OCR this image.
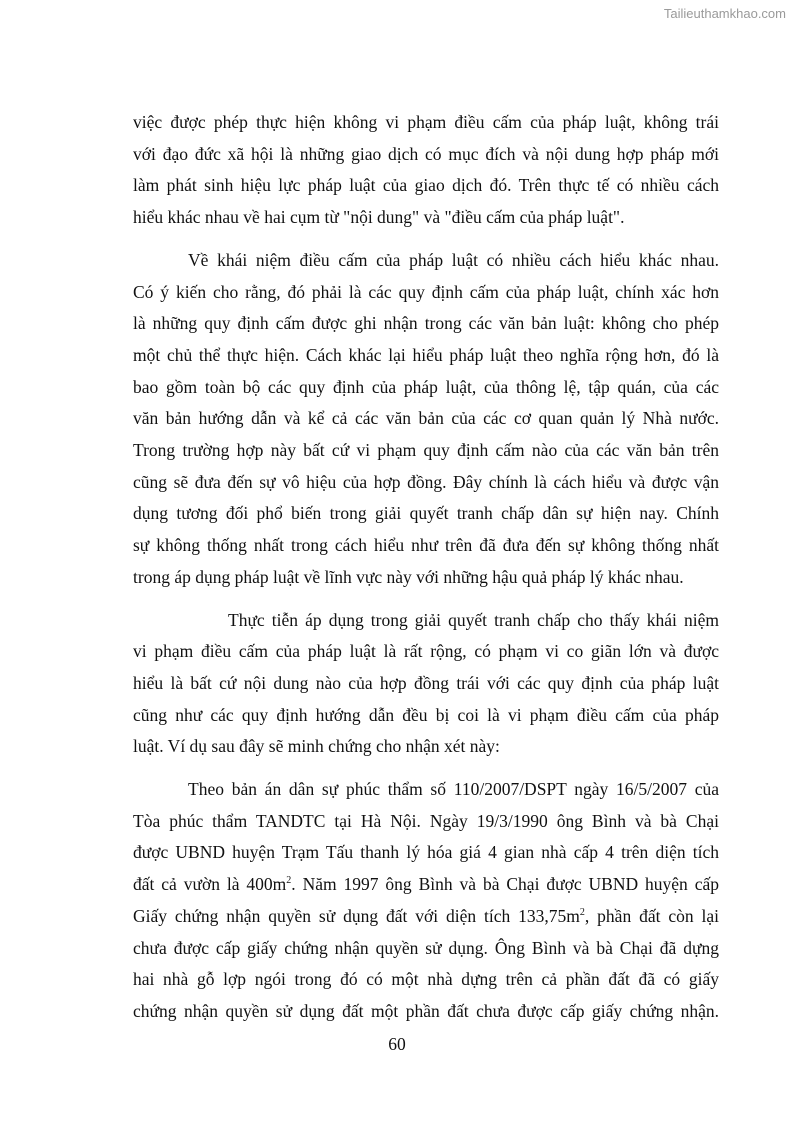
Tailieuthamkhao.com

việc được phép thực hiện không vi phạm điều cấm của pháp luật, không trái
với đạo đức xã hội là những giao dịch có mục đích và nội dung hợp pháp mới
làm phát sinh hiệu lực pháp luật của giao dịch đó. Trên thực tế có nhiều cách
hiểu khác nhau về hai cụm từ "nội dung" và "điều cấm của pháp luật".

Về khái niệm điều cấm của pháp luật có nhiều cách hiểu khác nhau.
Có ý kiến cho rằng, đó phải là các quy định cấm của pháp luật, chính xác hơn
là những quy định cấm được ghi nhận trong các văn bản luật: không cho phép
một chủ thể thực hiện. Cách khác lại hiểu pháp luật theo nghĩa rộng hơn, đó là
bao gồm toàn bộ các quy định của pháp luật, của thông lệ, tập quán, của các
văn bản hướng dẫn và kể cả các văn bản của các cơ quan quản lý Nhà nước.
Trong trường hợp này bất cứ vi phạm quy định cấm nào của các văn bản trên
cũng sẽ đưa đến sự vô hiệu của hợp đồng. Đây chính là cách hiểu và được vận
dụng tương đối phổ biến trong giải quyết tranh chấp dân sự hiện nay. Chính
sự không thống nhất trong cách hiểu như trên đã đưa đến sự không thống nhất
trong áp dụng pháp luật về lĩnh vực này với những hậu quả pháp lý khác nhau.

Thực tiễn áp dụng trong giải quyết tranh chấp cho thấy khái niệm
vi phạm điều cấm của pháp luật là rất rộng, có phạm vi co giãn lớn và được
hiểu là bất cứ nội dung nào của hợp đồng trái với các quy định của pháp luật
cũng như các quy định hướng dẫn đều bị coi là vi phạm điều cấm của pháp
luật. Ví dụ sau đây sẽ minh chứng cho nhận xét này:

Theo bản án dân sự phúc thẩm số 110/2007/DSPT ngày 16/5/2007 của
Tòa phúc thẩm TANDTC tại Hà Nội. Ngày 19/3/1990 ông Bình và bà Chại
được UBND huyện Trạm Tấu thanh lý hóa giá 4 gian nhà cấp 4 trên diện tích
đất cả vườn là $400m^2$. Năm 1997 ông Bình và bà Chại được UBND huyện cấp
Giấy chứng nhận quyền sử dụng đất với diện tích $133,75m^2$, phần đất còn lại
chưa được cấp giấy chứng nhận quyền sử dụng. Ông Bình và bà Chại đã dựng
hai nhà gỗ lợp ngói trong đó có một nhà dựng trên cả phần đất đã có giấy
chứng nhận quyền sử dụng đất một phần đất chưa được cấp giấy chứng nhận.

60
